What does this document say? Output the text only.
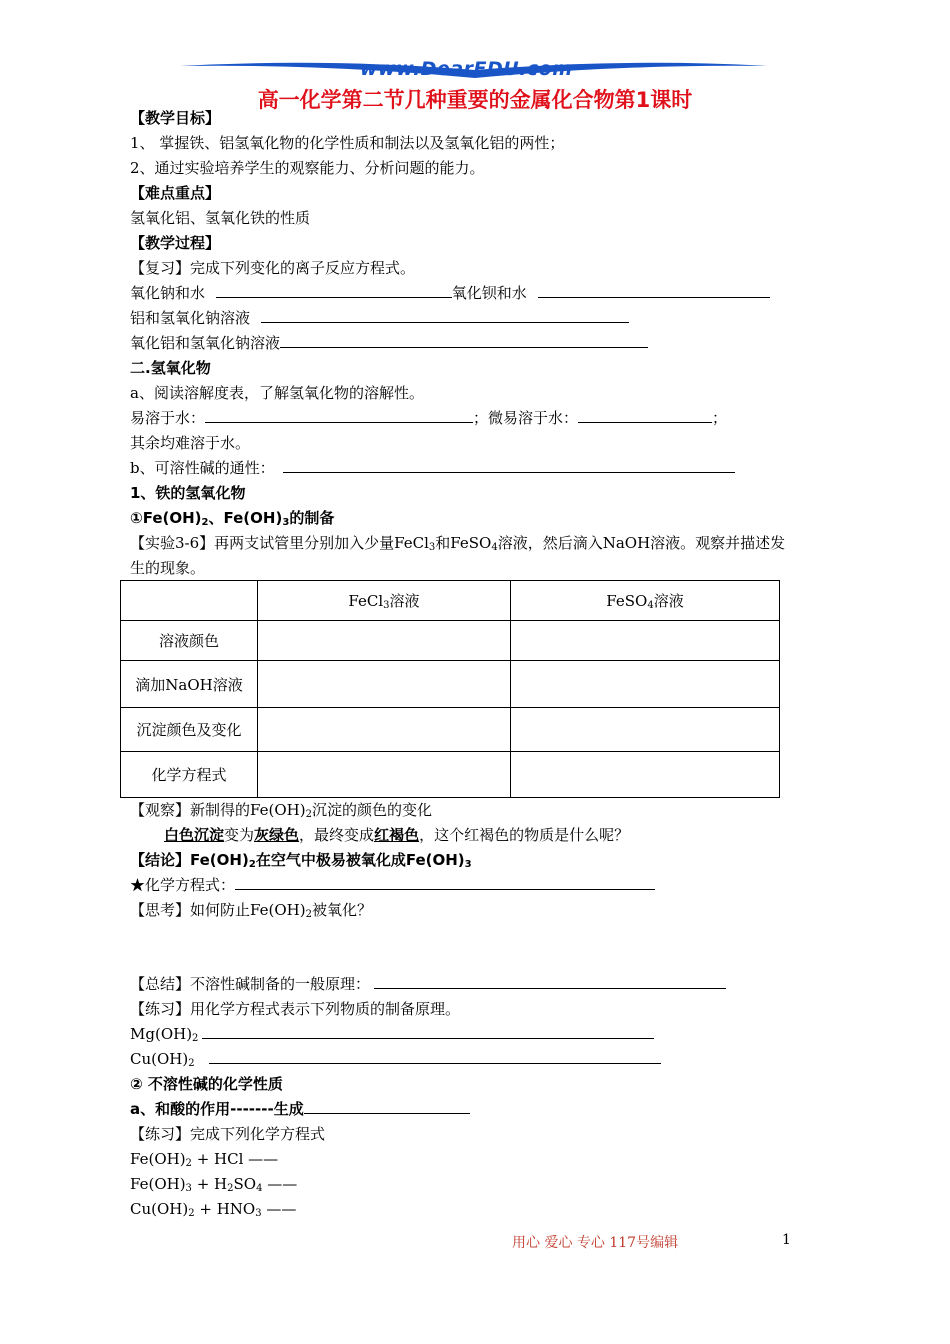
www.DearEDU.com
高一化学第二节几种重要的金属化合物第1课时
【教学目标】
1、 掌握铁、铝氢氧化物的化学性质和制法以及氢氧化铝的两性；
2、通过实验培养学生的观察能力、分析问题的能力。
【难点重点】
氢氧化铝、氢氧化铁的性质
【教学过程】
【复习】完成下列变化的离子反应方程式。
氧化钠和水	氧化钡和水
铝和氢氧化钠溶液
氧化铝和氢氧化钠溶液
二.氢氧化物
a、阅读溶解度表，了解氢氧化物的溶解性。
易溶于水：	；微易溶于水：	；
其余均难溶于水。
b、可溶性碱的通性：
1、铁的氢氧化物
$①Fe(OH)_2$、$Fe(OH)_3$的制备
【实验3-6】再两支试管里分别加入少量FeCl$_3$和FeSO$_4$溶液，然后滴入NaOH溶液。观察并描述发
生的现象。
	FeCl$_3$溶液	FeSO$_4$溶液
溶液颜色		
滴加NaOH溶液		
沉淀颜色及变化		
化学方程式		
【观察】新制得的$Fe(OH)_2$沉淀的颜色的变化
白色沉淀变为灰绿色，最终变成红褐色，这个红褐色的物质是什么呢？
【结论】$Fe(OH)_2$在空气中极易被氧化成$Fe(OH)_3$
★化学方程式：
【思考】如何防止$Fe(OH)_2$被氧化？
【总结】不溶性碱制备的一般原理：
【练习】用化学方程式表示下列物质的制备原理。
$Mg(OH)_2$
$Cu(OH)_2$
② 不溶性碱的化学性质
a、和酸的作用-------生成
【练习】完成下列化学方程式
$Fe(OH)_2$ + HCl ——
$Fe(OH)_3 + H_2SO_4$ ——
$Cu(OH)_2 + HNO_3$ ——
用心 爱心 专心 117号编辑	1
